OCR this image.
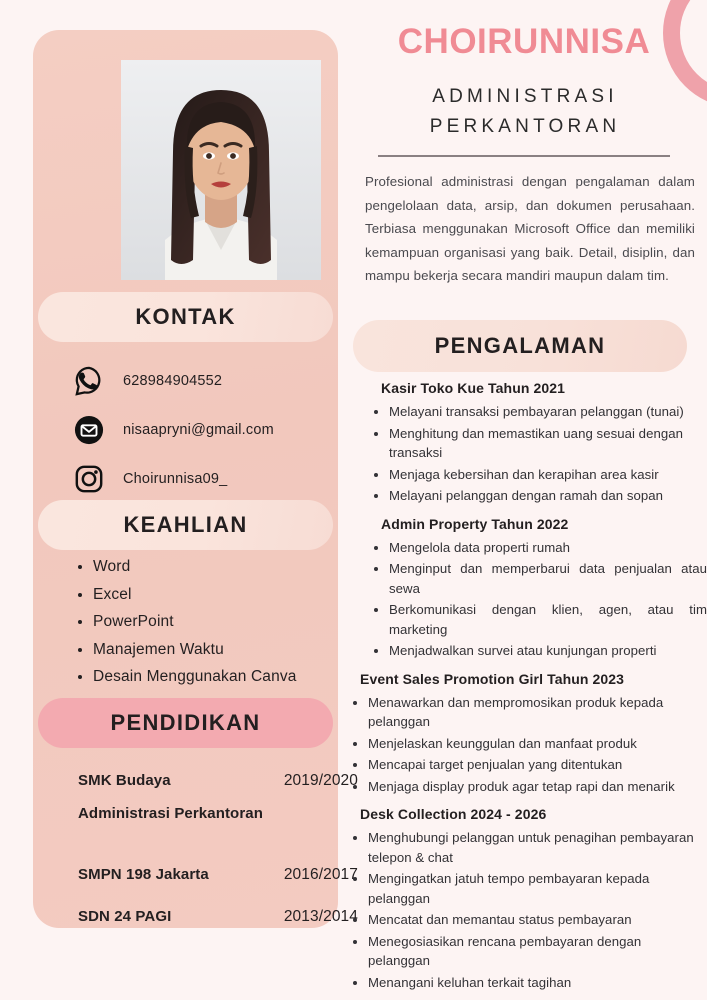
KONTAK
628984904552
nisaapryni@gmail.com
Choirunnisa09_
KEAHLIAN
• Word
• Excel
• PowerPoint
• Manajemen Waktu
• Desain Menggunakan Canva
PENDIDIKAN
SMK Budaya	2019/2020
Administrasi Perkantoran
SMPN 198 Jakarta	2016/2017
SDN 24 PAGI	2013/2014
CHOIRUNNISA
ADMINISTRASI
PERKANTORAN
Profesional administrasi dengan pengalaman dalam pengelolaan data, arsip, dan dokumen perusahaan. Terbiasa menggunakan Microsoft Office dan memiliki kemampuan organisasi yang baik. Detail, disiplin, dan mampu bekerja secara mandiri maupun dalam tim.
PENGALAMAN
Kasir Toko Kue Tahun 2021
• Melayani transaksi pembayaran pelanggan (tunai)
• Menghitung dan memastikan uang sesuai dengan transaksi
• Menjaga kebersihan dan kerapihan area kasir
• Melayani pelanggan dengan ramah dan sopan
Admin Property Tahun 2022
• Mengelola data properti rumah
• Menginput dan memperbarui data penjualan atau sewa
• Berkomunikasi dengan klien, agen, atau tim marketing
• Menjadwalkan survei atau kunjungan properti
Event Sales Promotion Girl Tahun 2023
• Menawarkan dan mempromosikan produk kepada pelanggan
• Menjelaskan keunggulan dan manfaat produk
• Mencapai target penjualan yang ditentukan
• Menjaga display produk agar tetap rapi dan menarik
Desk Collection 2024 - 2026
• Menghubungi pelanggan untuk penagihan pembayaran telepon & chat
• Mengingatkan jatuh tempo pembayaran kepada pelanggan
• Mencatat dan memantau status pembayaran
• Menegosiasikan rencana pembayaran dengan pelanggan
• Menangani keluhan terkait tagihan
